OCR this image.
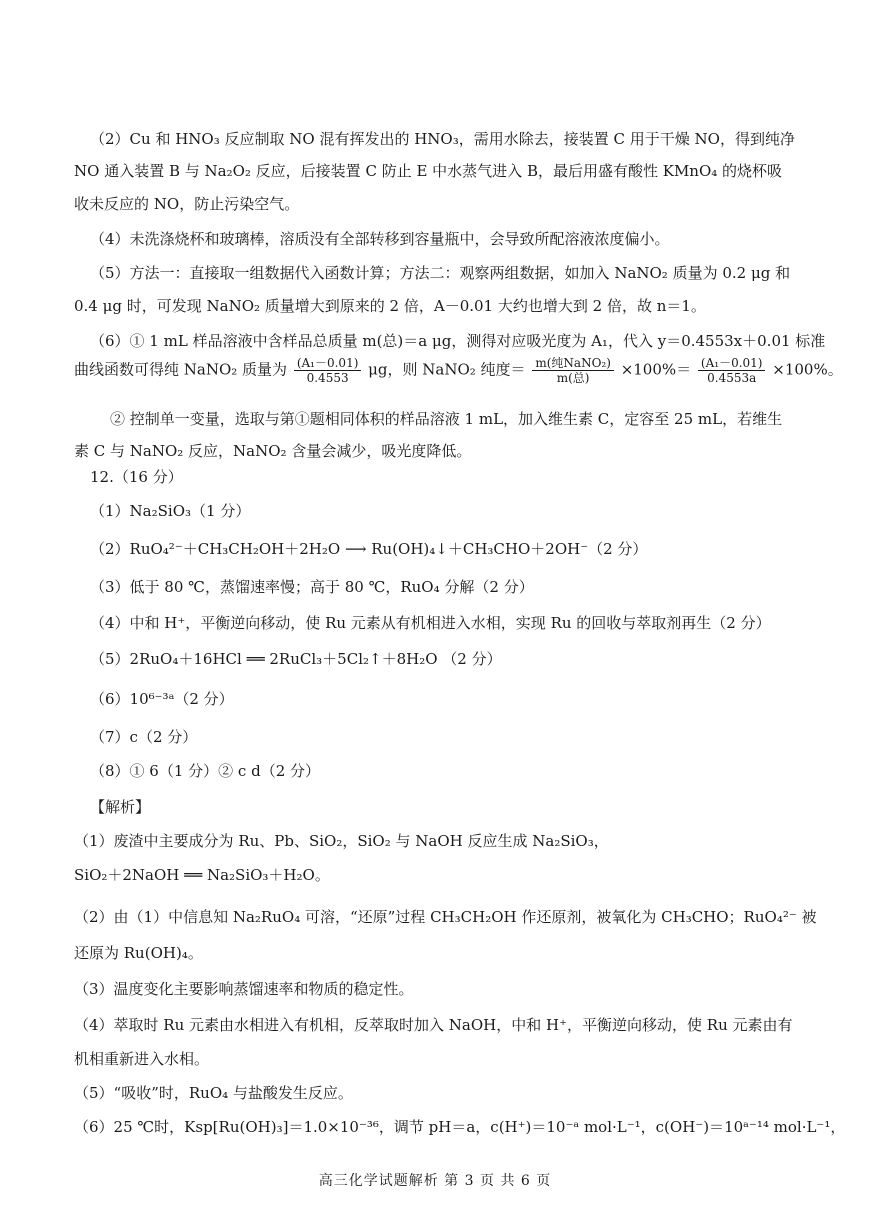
（2）Cu 和 HNO₃ 反应制取 NO 混有挥发出的 HNO₃，需用水除去，接装置 C 用于干燥 NO，得到纯净
NO 通入装置 B 与 Na₂O₂ 反应，后接装置 C 防止 E 中水蒸气进入 B，最后用盛有酸性 KMnO₄ 的烧杯吸
收未反应的 NO，防止污染空气。
（4）未洗涤烧杯和玻璃棒，溶质没有全部转移到容量瓶中，会导致所配溶液浓度偏小。
（5）方法一：直接取一组数据代入函数计算；方法二：观察两组数据，如加入 NaNO₂ 质量为 0.2 μg 和
0.4 μg 时，可发现 NaNO₂ 质量增大到原来的 2 倍，A－0.01 大约也增大到 2 倍，故 n＝1。
（6）① 1 mL 样品溶液中含样品总质量 m(总)＝a μg，测得对应吸光度为 A₁，代入 y＝0.4553x＋0.01 标准
曲线函数可得纯 NaNO₂ 质量为 $\frac{\text{(A₁－0.01)}}{0.4553}$ μg，则 NaNO₂ 纯度＝ $\frac{\text{m(纯NaNO₂)}}{\text{m(总)}} \times 100\%= \frac{\text{(A₁－0.01)}}{0.4553a} \times 100\%$。
② 控制单一变量，选取与第①题相同体积的样品溶液 1 mL，加入维生素 C，定容至 25 mL，若维生
素 C 与 NaNO₂ 反应，NaNO₂ 含量会减少，吸光度降低。
12.（16 分）
（1）Na₂SiO₃（1 分）
（2）RuO₄²⁻＋CH₃CH₂OH＋2H₂O ⟶ Ru(OH)₄↓＋CH₃CHO＋2OH⁻（2 分）
（3）低于 80 ℃，蒸馏速率慢；高于 80 ℃，RuO₄ 分解（2 分）
（4）中和 H⁺，平衡逆向移动，使 Ru 元素从有机相进入水相，实现 Ru 的回收与萃取剂再生（2 分）
（5）2RuO₄＋16HCl ══ 2RuCl₃＋5Cl₂↑＋8H₂O （2 分）
（6）10⁶⁻³ᵃ（2 分）
（7）c（2 分）
（8）① 6（1 分）② c d（2 分）
【解析】
（1）废渣中主要成分为 Ru、Pb、SiO₂，SiO₂ 与 NaOH 反应生成 Na₂SiO₃，
SiO₂＋2NaOH ══ Na₂SiO₃＋H₂O。
（2）由（1）中信息知 Na₂RuO₄ 可溶，“还原”过程 CH₃CH₂OH 作还原剂，被氧化为 CH₃CHO；RuO₄²⁻ 被
还原为 Ru(OH)₄。
（3）温度变化主要影响蒸馏速率和物质的稳定性。
（4）萃取时 Ru 元素由水相进入有机相，反萃取时加入 NaOH，中和 H⁺，平衡逆向移动，使 Ru 元素由有
机相重新进入水相。
（5）“吸收”时，RuO₄ 与盐酸发生反应。
（6）25 ℃时，Ksp[Ru(OH)₃]＝1.0×10⁻³⁶，调节 pH＝a，c(H⁺)＝10⁻ᵃ mol·L⁻¹，c(OH⁻)＝10ᵃ⁻¹⁴ mol·L⁻¹，
高三化学试题解析 第 3 页 共 6 页
